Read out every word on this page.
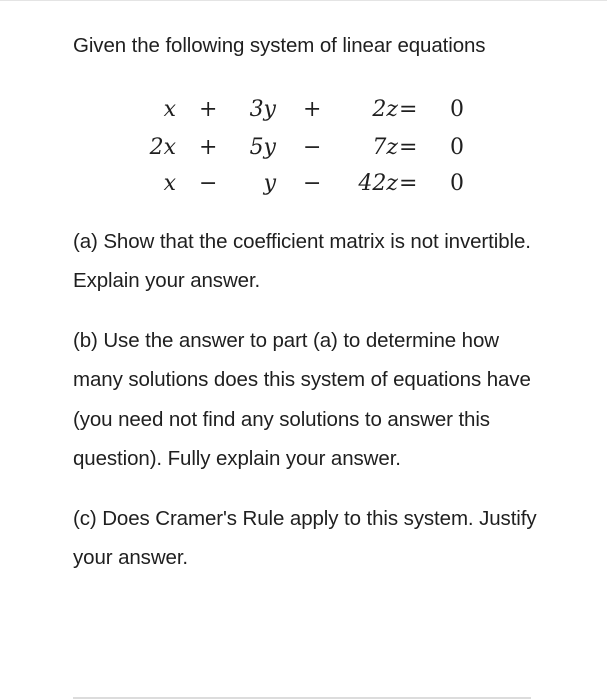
Given the following system of linear equations

x + 3y + 2z = 0
2x + 5y − 7z = 0
x − y − 42z = 0

(a) Show that the coefficient matrix is not invertible. Explain your answer.

(b) Use the answer to part (a) to determine how many solutions does this system of equations have (you need not find any solutions to answer this question). Fully explain your answer.

(c) Does Cramer's Rule apply to this system. Justify your answer.
